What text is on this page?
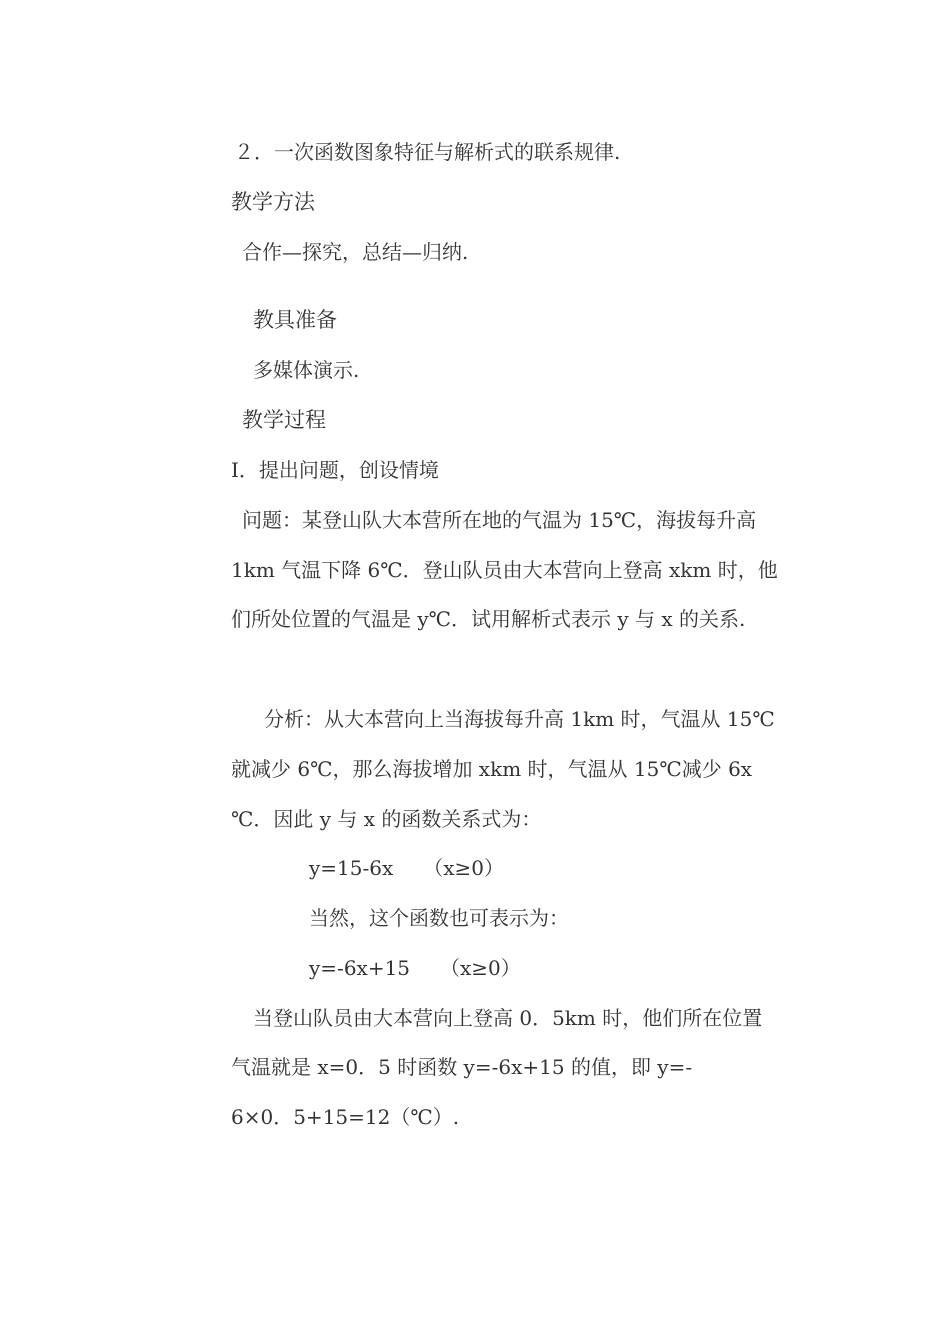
２．一次函数图象特征与解析式的联系规律.

教学方法

合作—探究，总结—归纳.

教具准备

多媒体演示.

教学过程

Ⅰ．提出问题，创设情境

问题：某登山队大本营所在地的气温为 15℃，海拔每升高

1km 气温下降 6℃．登山队员由大本营向上登高 xkm 时，他

们所处位置的气温是 y℃．试用解析式表示 y 与 x 的关系.

分析：从大本营向上当海拔每升高 1km 时，气温从 15℃

就减少 6℃，那么海拔增加 xkm 时，气温从 15℃减少 6x

℃．因此 y 与 x 的函数关系式为：

y=15-6x　　（x≥0）

当然，这个函数也可表示为：

y=-6x+15　　（x≥0）

当登山队员由大本营向上登高 0．5km 时，他们所在位置

气温就是 x=0．5 时函数 y=-6x+15 的值，即 y=-

6×0．5+15=12（℃）.
